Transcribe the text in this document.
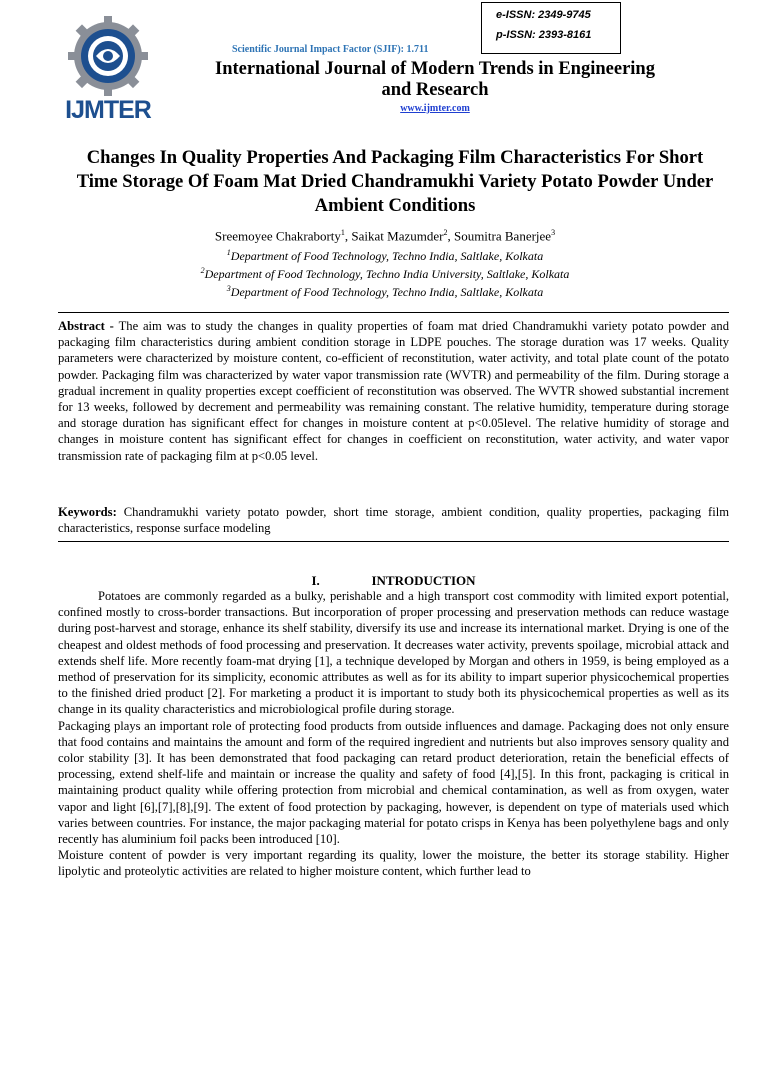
IJMTER
e-ISSN: 2349-9745
p-ISSN: 2393-8161
Scientific Journal Impact Factor (SJIF): 1.711
International Journal of Modern Trends in Engineering
and Research
www.ijmter.com
Changes In Quality Properties And Packaging Film Characteristics For Short
Time Storage Of Foam Mat Dried Chandramukhi Variety Potato Powder Under
Ambient Conditions
Sreemoyee Chakraborty$^1$, Saikat Mazumder$^2$, Soumitra Banerjee$^3$
$^1$Department of Food Technology, Techno India, Saltlake, Kolkata
$^2$Department of Food Technology, Techno India University, Saltlake, Kolkata
$^3$Department of Food Technology, Techno India, Saltlake, Kolkata
Abstract - The aim was to study the changes in quality properties of foam mat dried Chandramukhi variety potato powder and packaging film characteristics during ambient condition storage in LDPE pouches. The storage duration was 17 weeks. Quality parameters were characterized by moisture content, co-efficient of reconstitution, water activity, and total plate count of the potato powder. Packaging film was characterized by water vapor transmission rate (WVTR) and permeability of the film. During storage a gradual increment in quality properties except coefficient of reconstitution was observed. The WVTR showed substantial increment for 13 weeks, followed by decrement and permeability was remaining constant. The relative humidity, temperature during storage and storage duration has significant effect for changes in moisture content at p<0.05level. The relative humidity of storage and changes in moisture content has significant effect for changes in coefficient on reconstitution, water activity, and water vapor transmission rate of packaging film at p<0.05 level.
Keywords: Chandramukhi variety potato powder, short time storage, ambient condition, quality properties, packaging film characteristics, response surface modeling
I.	INTRODUCTION

Potatoes are commonly regarded as a bulky, perishable and a high transport cost commodity with limited export potential, confined mostly to cross-border transactions. But incorporation of proper processing and preservation methods can reduce wastage during post-harvest and storage, enhance its shelf stability, diversify its use and increase its international market. Drying is one of the cheapest and oldest methods of food processing and preservation. It decreases water activity, prevents spoilage, microbial attack and extends shelf life. More recently foam-mat drying [1], a technique developed by Morgan and others in 1959, is being employed as a method of preservation for its simplicity, economic attributes as well as for its ability to impart superior physicochemical properties to the finished dried product [2]. For marketing a product it is important to study both its physicochemical properties as well as its change in its quality characteristics and microbiological profile during storage.

Packaging plays an important role of protecting food products from outside influences and damage. Packaging does not only ensure that food contains and maintains the amount and form of the required ingredient and nutrients but also improves sensory quality and color stability [3]. It has been demonstrated that food packaging can retard product deterioration, retain the beneficial effects of processing, extend shelf-life and maintain or increase the quality and safety of food [4],[5]. In this front, packaging is critical in maintaining product quality while offering protection from microbial and chemical contamination, as well as from oxygen, water vapor and light [6],[7],[8],[9]. The extent of food protection by packaging, however, is dependent on type of materials used which varies between countries. For instance, the major packaging material for potato crisps in Kenya has been polyethylene bags and only recently has aluminium foil packs been introduced [10].

Moisture content of powder is very important regarding its quality, lower the moisture, the better its storage stability. Higher lipolytic and proteolytic activities are related to higher moisture content, which further lead to
